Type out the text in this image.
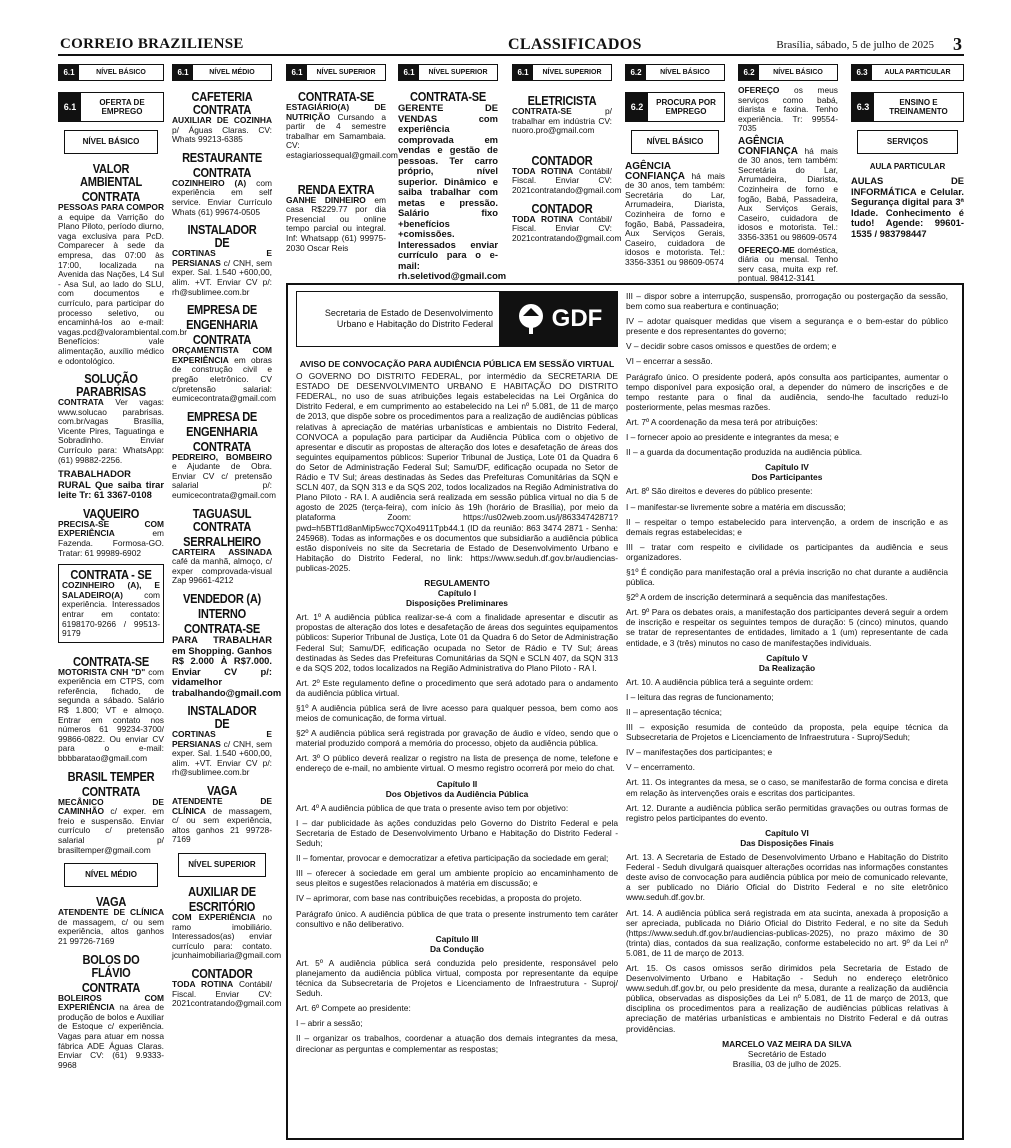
CORREIO BRAZILIENSE	CLASSIFICADOS	Brasília, sábado, 5 de julho de 2025 3
6.1	NÍVEL BÁSICO	6.1	NÍVEL MÉDIO	6.1	NÍVEL SUPERIOR	6.1	NÍVEL SUPERIOR	6.1	NÍVEL SUPERIOR	6.2	NÍVEL BÁSICO	6.2	NÍVEL BÁSICO	6.3	AULA PARTICULAR
6.1	OFERTA DE EMPREGO
NÍVEL BÁSICO
VALOR AMBIENTAL
CONTRATA
PESSOAS PARA COMPOR a equipe da Varrição do Plano Piloto, período diurno, vaga exclusiva para PcD. Comparecer à sede da empresa, das 07:00 às 17:00, localizada na Avenida das Nações, L4 Sul - Asa Sul, ao lado do SLU, com documentos e currículo, para participar do processo seletivo, ou encaminhá-los ao e-mail: vagas.pcd@valorambiental.com.br Benefícios: vale alimentação, auxílio médico e odontológico.
SOLUÇÃO PARABRISAS
CONTRATA Ver vagas: www.solucao parabrisas. com.br/vagas Brasília, Vicente Pires, Taguatinga e Sobradinho. Enviar Currículo para: WhatsApp: (61) 99882-2256.
TRABALHADOR RURAL Que saiba tirar leite Tr: 61 3367-0108
VAQUEIRO
PRECISA-SE COM EXPERIÊNCIA	em Fazenda. Formosa-GO. Tratar: 61 99989-6902
CONTRATA - SE
COZINHEIRO (A), E SALADEIRO(A)	com experiência. Interessados entrar em contato: 6198170-9266 / 99513-9179
CONTRATA-SE
MOTORISTA CNH "D" com experiência em CTPS, com referência, fichado, de segunda a sábado. Salário R$ 1.800; VT e almoço. Entrar em contato nos números 61 99234-3700/ 99866-0822. Ou enviar CV para o e-mail: bbbbaratao@gmail.com
BRASIL TEMPER
CONTRATA
MECÂNICO DE CAMINHÃO c/ exper. em freio e suspensão. Enviar currículo c/ pretensão salarial p/ brasiltemper@gmail.com
NÍVEL MÉDIO
VAGA
ATENDENTE DE CLÍNICA de massagem, c/ ou sem experiência, altos ganhos 21 99726-7169
BOLOS DO FLÁVIO
CONTRATA
BOLEIROS COM EXPERIÊNCIA na área de produção de bolos e Auxiliar de Estoque c/ experiência. Vagas para atuar em nossa fábrica ADE Águas Claras. Enviar CV: (61) 9.9333-9968
CAFETERIA CONTRATA
AUXILIAR DE COZINHA p/ Águas Claras. CV: Whats 99213-6385
RESTAURANTE
CONTRATA
COZINHEIRO (A) com experiência em self service. Enviar Currículo Whats (61) 99674-0505
INSTALADOR DE
CORTINAS E PERSIANAS c/ CNH, sem exper. Sal. 1.540 +600,00, alim. +VT. Enviar CV p/: rh@sublimee.com.br
EMPRESA DE
ENGENHARIA
CONTRATA
ORÇAMENTISTA COM EXPERIÊNCIA em obras de construção civil e pregão eletrônico. CV c/pretensão salarial: eumicecontrata@gmail.com
EMPRESA DE
ENGENHARIA
CONTRATA
PEDREIRO, BOMBEIRO e Ajudante de Obra. Enviar CV c/ pretensão salarial p/: eumicecontrata@gmail.com
TAGUASUL CONTRATA
SERRALHEIRO
CARTEIRA ASSINADA café da manhã, almoço, c/ exper comprovada-visual Zap 99661-4212
VENDEDOR (A)
INTERNO
CONTRATA-SE
PARA TRABALHAR em Shopping. Ganhos R$ 2.000 À R$7.000. Enviar CV p/: vidamelhor trabalhando@gmail.com
INSTALADOR DE
CORTINAS E PERSIANAS c/ CNH, sem exper. Sal. 1.540 +600,00, alim. +VT. Enviar CV p/: rh@sublimee.com.br
VAGA
ATENDENTE DE CLÍNICA de massagem, c/ ou sem experiência, altos ganhos 21 99728-7169
NÍVEL SUPERIOR
AUXILIAR DE
ESCRITÓRIO
COM EXPERIÊNCIA no ramo imobiliário. Interessados(as) enviar currículo para: contato. jcunhaimobiliaria@gmail.com
CONTADOR
TODA ROTINA Contábil/ Fiscal. Enviar CV: 2021contratando@gmail.com
CONTRATA-SE
ESTAGIÁRIO(A) DE NUTRIÇÃO Cursando a partir de 4 semestre trabalhar em Samambaia. CV: estagiariossequal@gmail.com
RENDA EXTRA
GANHE DINHEIRO em casa R$229.77 por dia Presencial ou online tempo parcial ou integral. Inf: Whatsapp (61) 99975-2030 Oscar Reis
CONTRATA-SE
GERENTE DE VENDAS com experiência comprovada em vendas e gestão de pessoas. Ter carro próprio, nível superior. Dinâmico e saiba trabalhar com metas e pressão. Salário fixo +benefícios +comissões. Interessados enviar currículo para o e-mail: rh.seletivod@gmail.com
ELETRICISTA
CONTRATA-SE	p/ trabalhar em indústria CV: nuoro.pro@gmail.com
CONTADOR
TODA ROTINA Contábil/ Fiscal. Enviar CV: 2021contratando@gmail.com
CONTADOR
TODA ROTINA Contábil/ Fiscal. Enviar CV: 2021contratando@gmail.com
6.2	PROCURA POR EMPREGO
NÍVEL BÁSICO
AGÊNCIA CONFIANÇA há mais de 30 anos, tem também: Secretária do Lar, Arrumadeira, Diarista, Cozinheira de forno e fogão, Babá, Passadeira, Aux Serviços Gerais, Caseiro, cuidadora de idosos e motorista. Tel.: 3356-3351 ou 98609-0574
OFEREÇO os meus serviços como babá, diarista e faxina. Tenho experiência. Tr: 99554-7035
AGÊNCIA CONFIANÇA há mais de 30 anos, tem também: Secretária do Lar, Arrumadeira, Diarista, Cozinheira de forno e fogão, Babá, Passadeira, Aux Serviços Gerais, Caseiro, cuidadora de idosos e motorista. Tel.: 3356-3351 ou 98609-0574
OFEREÇO-ME doméstica, diária ou mensal. Tenho serv casa, muita exp ref. pontual. 98412-3141
6.3	ENSINO E TREINAMENTO
SERVIÇOS
AULA PARTICULAR
AULAS DE INFORMÁTICA e Celular. Segurança digital para 3ª Idade. Conhecimento é tudo! Agende: 99601-1535 / 983798447
Secretaria de Estado de Desenvolvimento Urbano e Habitação do Distrito Federal GDF
AVISO DE CONVOCAÇÃO PARA AUDIÊNCIA PÚBLICA EM SESSÃO VIRTUAL

O GOVERNO DO DISTRITO FEDERAL, por intermédio da SECRETARIA DE ESTADO DE DESENVOLVIMENTO URBANO E HABITAÇÃO DO DISTRITO FEDERAL, no uso de suas atribuições legais estabelecidas na Lei Orgânica do Distrito Federal, e em cumprimento ao estabelecido na Lei nº 5.081, de 11 de março de 2013, que dispõe sobre os procedimentos para a realização de audiências públicas relativas à apreciação de matérias urbanísticas e ambientais no Distrito Federal, CONVOCA a população para participar da Audiência Pública com o objetivo de apresentar e discutir as propostas de alteração dos lotes e desafetação de áreas dos seguintes equipamentos públicos: Superior Tribunal de Justiça, Lote 01 da Quadra 6 do Setor de Administração Federal Sul; Samu/DF, edificação ocupada no Setor de Rádio e TV Sul; áreas destinadas às Sedes das Prefeituras Comunitárias da SQN e SCLN 407, da SQN 313 e da SQS 202, todos localizados na Região Administrativa do Plano Piloto - RA I. A audiência será realizada em sessão pública virtual no dia 5 de agosto de 2025 (terça-feira), com início às 19h (horário de Brasília), por meio da plataforma Zoom: https://us02web.zoom.us/j/86334742871?pwd=h5BTf1d8anMip5wcc7QXo4911Tpb44.1 (ID da reunião: 863 3474 2871 - Senha: 245968). Todas as informações e os documentos que subsidiarão a audiência pública estão disponíveis no site da Secretaria de Estado de Desenvolvimento Urbano e Habitação do Distrito Federal, no link: https://www.seduh.df.gov.br/audiencias-publicas-2025.

REGULAMENTO
Capítulo I
Disposições Preliminares

Art. 1º A audiência pública realizar-se-á com a finalidade apresentar e discutir as propostas de alteração dos lotes e desafetação de áreas dos seguintes equipamentos públicos: Superior Tribunal de Justiça, Lote 01 da Quadra 6 do Setor de Administração Federal Sul; Samu/DF, edificação ocupada no Setor de Rádio e TV Sul; áreas destinadas às Sedes das Prefeituras Comunitárias da SQN e SCLN 407, da SQN 313 e da SQS 202, todos localizados na Região Administrativa do Plano Piloto - RA I.

Art. 2º Este regulamento define o procedimento que será adotado para o andamento da audiência pública virtual.

§1º A audiência pública será de livre acesso para qualquer pessoa, bem como aos meios de comunicação, de forma virtual.

§2º A audiência pública será registrada por gravação de áudio e vídeo, sendo que o material produzido comporá a memória do processo, objeto da audiência pública.

Art. 3º O público deverá realizar o registro na lista de presença de nome, telefone e endereço de e-mail, no ambiente virtual. O mesmo registro ocorrerá por meio do chat.

Capítulo II
Dos Objetivos da Audiência Pública

Art. 4º A audiência pública de que trata o presente aviso tem por objetivo:

I – dar publicidade às ações conduzidas pelo Governo do Distrito Federal e pela Secretaria de Estado de Desenvolvimento Urbano e Habitação do Distrito Federal - Seduh;

II – fomentar, provocar e democratizar a efetiva participação da sociedade em geral;

III – oferecer à sociedade em geral um ambiente propício ao encaminhamento de seus pleitos e sugestões relacionados à matéria em discussão; e

IV – aprimorar, com base nas contribuições recebidas, a proposta do projeto.

Parágrafo único. A audiência pública de que trata o presente instrumento tem caráter consultivo e não deliberativo.

Capítulo III
Da Condução

Art. 5º A audiência pública será conduzida pelo presidente, responsável pelo planejamento da audiência pública virtual, composta por representante da equipe técnica da Subsecretaria de Projetos e Licenciamento de Infraestrutura - Suproj/ Seduh.

Art. 6º Compete ao presidente:

I – abrir a sessão;

II – organizar os trabalhos, coordenar a atuação dos demais integrantes da mesa, direcionar as perguntas e complementar as respostas;

III – dispor sobre a interrupção, suspensão, prorrogação ou postergação da sessão, bem como sua reabertura e continuação;

IV – adotar quaisquer medidas que visem a segurança e o bem-estar do público presente e dos representantes do governo;

V – decidir sobre casos omissos e questões de ordem; e

VI – encerrar a sessão.

Parágrafo único. O presidente poderá, após consulta aos participantes, aumentar o tempo disponível para exposição oral, a depender do número de inscrições e de tempo restante para o final da audiência, sendo-lhe facultado reduzi-lo posteriormente, pelas mesmas razões.

Art. 7º A coordenação da mesa terá por atribuições:

I – fornecer apoio ao presidente e integrantes da mesa; e

II – a guarda da documentação produzida na audiência pública.

Capítulo IV
Dos Participantes

Art. 8º São direitos e deveres do público presente:

I – manifestar-se livremente sobre a matéria em discussão;

II – respeitar o tempo estabelecido para intervenção, a ordem de inscrição e as demais regras estabelecidas; e

III – tratar com respeito e civilidade os participantes da audiência e seus organizadores.

§1º É condição para manifestação oral a prévia inscrição no chat durante a audiência pública.

§2º A ordem de inscrição determinará a sequência das manifestações.

Art. 9º Para os debates orais, a manifestação dos participantes deverá seguir a ordem de inscrição e respeitar os seguintes tempos de duração: 5 (cinco) minutos, quando se tratar de representantes de entidades, limitado a 1 (um) representante de cada entidade, e 3 (três) minutos no caso de manifestações individuais.

Capítulo V
Da Realização

Art. 10. A audiência pública terá a seguinte ordem:

I – leitura das regras de funcionamento;

II – apresentação técnica;

III – exposição resumida de conteúdo da proposta, pela equipe técnica da Subsecretaria de Projetos e Licenciamento de Infraestrutura - Suproj/Seduh;

IV – manifestações dos participantes; e

V – encerramento.

Art. 11. Os integrantes da mesa, se o caso, se manifestarão de forma concisa e direta em relação às intervenções orais e escritas dos participantes.

Art. 12. Durante a audiência pública serão permitidas gravações ou outras formas de registro pelos participantes do evento.

Capítulo VI
Das Disposições Finais

Art. 13. A Secretaria de Estado de Desenvolvimento Urbano e Habitação do Distrito Federal - Seduh divulgará quaisquer alterações ocorridas nas informações constantes deste aviso de convocação para audiência pública por meio de comunicado relevante, a ser publicado no Diário Oficial do Distrito Federal e no site eletrônico www.seduh.df.gov.br.

Art. 14. A audiência pública será registrada em ata sucinta, anexada à proposição a ser apreciada, publicada no Diário Oficial do Distrito Federal, e no site da Seduh (https://www.seduh.df.gov.br/audiencias-publicas-2025), no prazo máximo de 30 (trinta) dias, contados da sua realização, conforme estabelecido no art. 9º da Lei nº 5.081, de 11 de março de 2013.

Art. 15. Os casos omissos serão dirimidos pela Secretaria de Estado de Desenvolvimento Urbano e Habitação - Seduh no endereço eletrônico www.seduh.df.gov.br, ou pelo presidente da mesa, durante a realização da audiência pública, observadas as disposições da Lei nº 5.081, de 11 de março de 2013, que disciplina os procedimentos para a realização de audiências públicas relativas à apreciação de matérias urbanísticas e ambientais no Distrito Federal e dá outras providências.

MARCELO VAZ MEIRA DA SILVA
Secretário de Estado
Brasília, 03 de julho de 2025.
